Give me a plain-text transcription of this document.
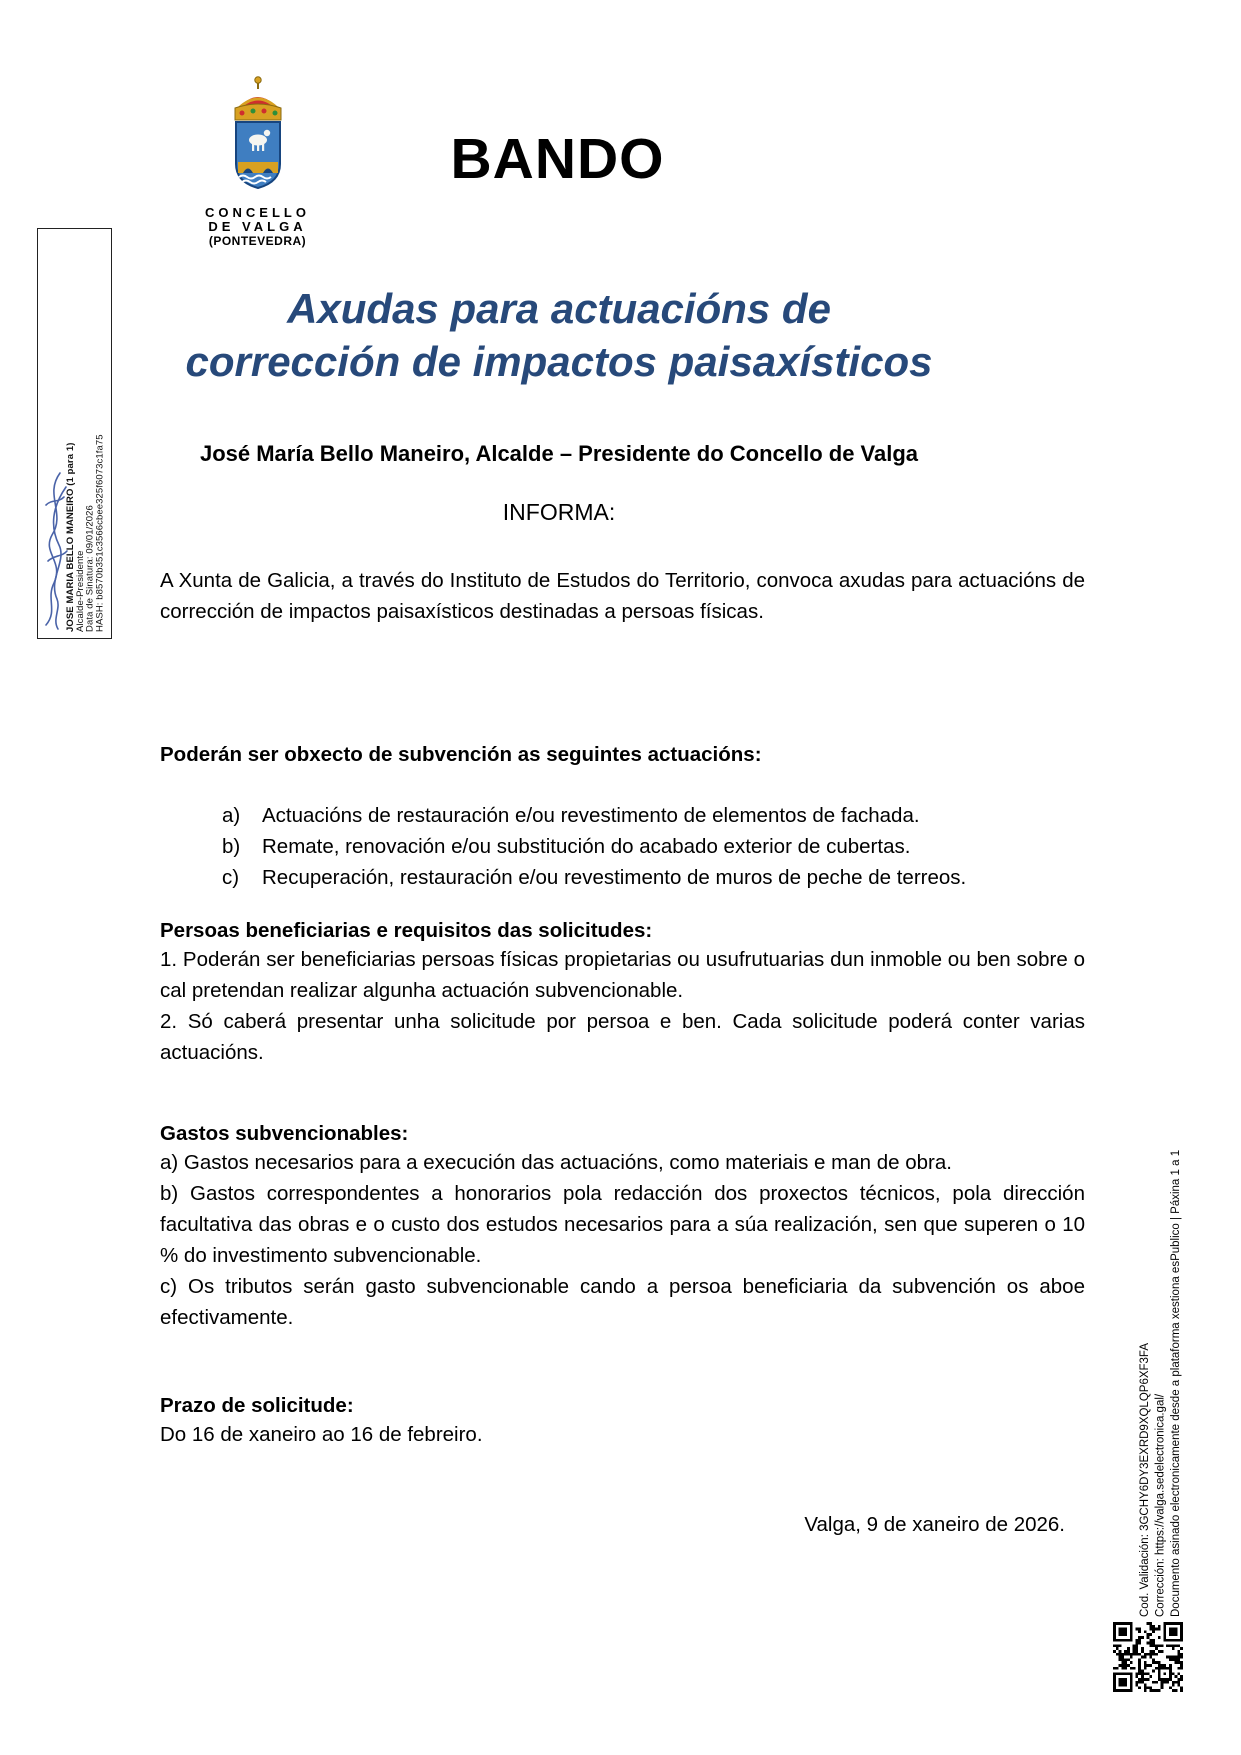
JOSE MARIA BELLO MANEIRO (1 para 1)
Alcalde-Presidente
Data de Sinatura: 09/01/2026
HASH: b8570b351c3566cbee325f6073c1fa75
CONCELLO
DE VALGA
(PONTEVEDRA)
BANDO
Axudas para actuacións de
corrección de impactos paisaxísticos
José María Bello Maneiro, Alcalde – Presidente do Concello de Valga
INFORMA:

A Xunta de Galicia, a través do Instituto de Estudos do Territorio, convoca axudas para actuacións de corrección de impactos paisaxísticos destinadas a persoas físicas.

Poderán ser obxecto de subvención as seguintes actuacións:
a)	Actuacións de restauración e/ou revestimento de elementos de fachada.
b)	Remate, renovación e/ou substitución do acabado exterior de cubertas.
c)	Recuperación, restauración e/ou revestimento de muros de peche de terreos.
Persoas beneficiarias e requisitos das solicitudes:

1. Poderán ser beneficiarias persoas físicas propietarias ou usufrutuarias dun inmoble ou ben sobre o cal pretendan realizar algunha actuación subvencionable.

2. Só caberá presentar unha solicitude por persoa e ben. Cada solicitude poderá conter varias actuacións.

Gastos subvencionables:

a) Gastos necesarios para a execución das actuacións, como materiais e man de obra.

b) Gastos correspondentes a honorarios pola redacción dos proxectos técnicos, pola dirección facultativa das obras e o custo dos estudos necesarios para a súa realización, sen que superen o 10 % do investimento subvencionable.

c) Os tributos serán gasto subvencionable cando a persoa beneficiaria da subvención os aboe efectivamente.

Prazo de solicitude:

Do 16 de xaneiro ao 16 de febreiro.

Valga, 9 de xaneiro de 2026.	Cod. Validación: 3GCHY6DY3EXRD9XQLQP6XF3FA Corrección: https://valga.sedelectronica.gal/ Documento asinado electronicamente desde a plataforma xestiona esPublico | Páxina 1 a 1
